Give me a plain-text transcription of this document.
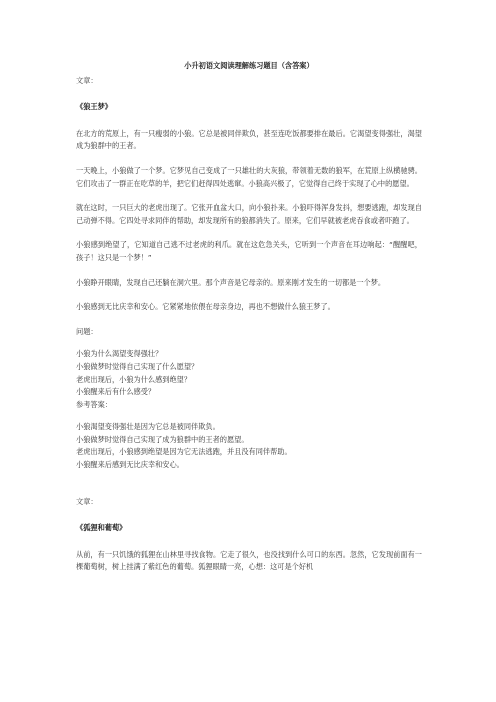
小升初语文阅读理解练习题目（含答案）

文章：

《狼王梦》

在北方的荒原上，有一只瘦弱的小狼。它总是被同伴欺负，甚至连吃饭都要排在最后。它渴望变得强壮，渴望成为狼群中的王者。

一天晚上，小狼做了一个梦。它梦见自己变成了一只雄壮的大灰狼，带领着无数的狼军，在荒原上纵横驰骋。它们攻击了一群正在吃草的羊，把它们赶得四处逃窜。小狼高兴极了，它觉得自己终于实现了心中的愿望。

就在这时，一只巨大的老虎出现了。它张开血盆大口，向小狼扑来。小狼吓得浑身发抖，想要逃跑，却发现自己动弹不得。它四处寻求同伴的帮助，却发现所有的狼都消失了。原来，它们早就被老虎吞食或者吓跑了。

小狼感到绝望了，它知道自己逃不过老虎的利爪。就在这危急关头，它听到一个声音在耳边响起：“醒醒吧，孩子！这只是一个梦！”

小狼睁开眼睛，发现自己还躺在洞穴里。那个声音是它母亲的。原来刚才发生的一切都是一个梦。

小狼感到无比庆幸和安心。它紧紧地依偎在母亲身边，再也不想做什么狼王梦了。

问题：

小狼为什么渴望变得强壮？

小狼做梦时觉得自己实现了什么愿望？

老虎出现后，小狼为什么感到绝望？

小狼醒来后有什么感受？

参考答案：

小狼渴望变得强壮是因为它总是被同伴欺负。

小狼做梦时觉得自己实现了成为狼群中的王者的愿望。

老虎出现后，小狼感到绝望是因为它无法逃跑，并且没有同伴帮助。

小狼醒来后感到无比庆幸和安心。

文章：

《狐狸和葡萄》

从前，有一只饥饿的狐狸在山林里寻找食物。它走了很久，也没找到什么可口的东西。忽然，它发现前面有一棵葡萄树，树上挂满了紫红色的葡萄。狐狸眼睛一亮，心想：这可是个好机
